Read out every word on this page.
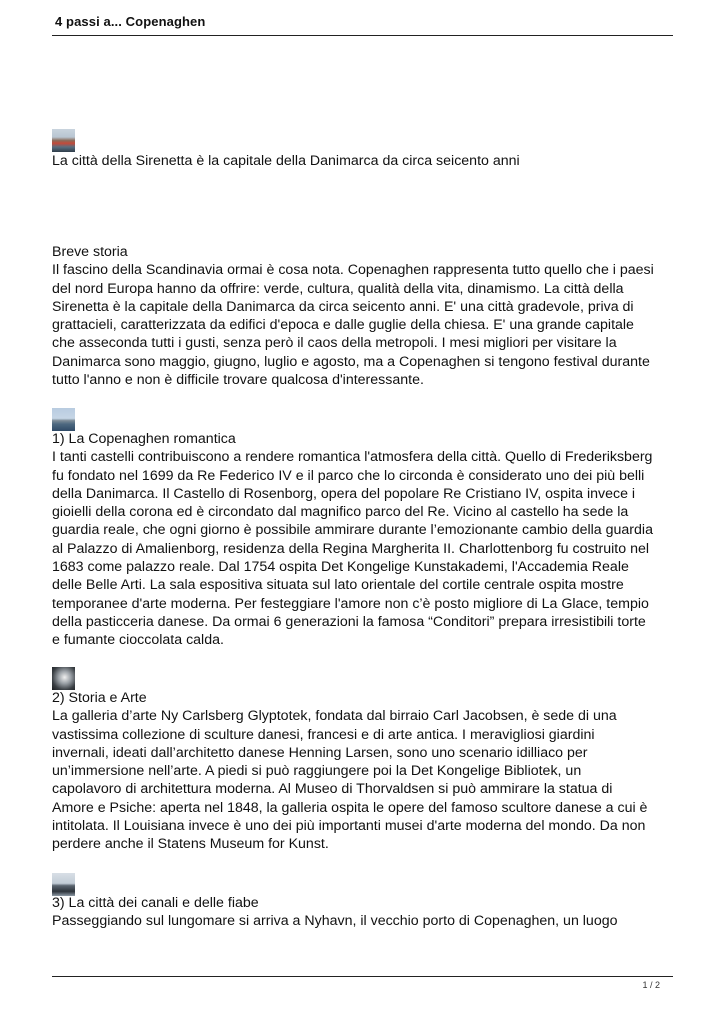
4 passi a... Copenaghen

La città della Sirenetta è la capitale della Danimarca da circa seicento anni

Breve storia

Il fascino della Scandinavia ormai è cosa nota. Copenaghen rappresenta tutto quello che i paesi

del nord Europa hanno da offrire: verde, cultura, qualità della vita, dinamismo. La città della

Sirenetta è la capitale della Danimarca da circa seicento anni. E' una città gradevole, priva di

grattacieli, caratterizzata da edifici d'epoca e dalle guglie della chiesa. E' una grande capitale

che asseconda tutti i gusti, senza però il caos della metropoli. I mesi migliori per visitare la

Danimarca sono maggio, giugno, luglio e agosto, ma a Copenaghen si tengono festival durante

tutto l'anno e non è difficile trovare qualcosa d'interessante.

1) La Copenaghen romantica

I tanti castelli contribuiscono a rendere romantica l'atmosfera della città. Quello di Frederiksberg

fu fondato nel 1699 da Re Federico IV e il parco che lo circonda è considerato uno dei più belli

della Danimarca. Il Castello di Rosenborg, opera del popolare Re Cristiano IV, ospita invece i

gioielli della corona ed è circondato dal magnifico parco del Re. Vicino al castello ha sede la

guardia reale, che ogni giorno è possibile ammirare durante l’emozionante cambio della guardia

al Palazzo di Amalienborg, residenza della Regina Margherita II. Charlottenborg fu costruito nel

1683 come palazzo reale. Dal 1754 ospita Det Kongelige Kunstakademi, l'Accademia Reale

delle Belle Arti. La sala espositiva situata sul lato orientale del cortile centrale ospita mostre

temporanee d'arte moderna. Per festeggiare l'amore non c’è posto migliore di La Glace, tempio

della pasticceria danese. Da ormai 6 generazioni la famosa “Conditori” prepara irresistibili torte

e fumante cioccolata calda.

2) Storia e Arte

La galleria d’arte Ny Carlsberg Glyptotek, fondata dal birraio Carl Jacobsen, è sede di una

vastissima collezione di sculture danesi, francesi e di arte antica. I meravigliosi giardini

invernali, ideati dall’architetto danese Henning Larsen, sono uno scenario idilliaco per

un’immersione nell’arte. A piedi si può raggiungere poi la Det Kongelige Bibliotek, un

capolavoro di architettura moderna. Al Museo di Thorvaldsen si può ammirare la statua di

Amore e Psiche: aperta nel 1848, la galleria ospita le opere del famoso scultore danese a cui è

intitolata. Il Louisiana invece è uno dei più importanti musei d'arte moderna del mondo. Da non

perdere anche il Statens Museum for Kunst.

3) La città dei canali e delle fiabe

Passeggiando sul lungomare si arriva a Nyhavn, il vecchio porto di Copenaghen, un luogo

1 / 2
